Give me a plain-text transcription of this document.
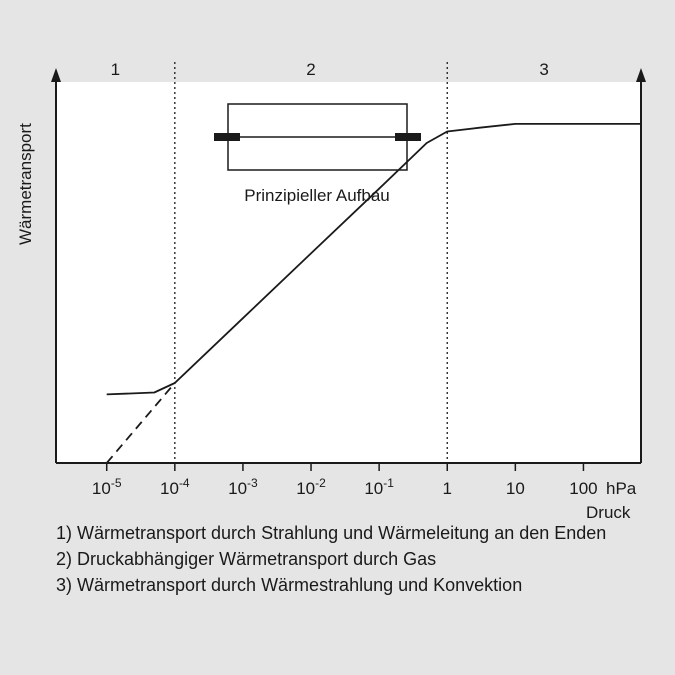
1	2	3
$10^{-5}$ $10^{-4}$ $10^{-3}$ $10^{-2}$ $10^{-1}$	1	10	100 hPa
Druck
Wärmetransport	Prinzipieller Aufbau
1) Wärmetransport durch Strahlung und Wärmeleitung an den Enden
2) Druckabhängiger Wärmetransport durch Gas
3) Wärmetransport durch Wärmestrahlung und Konvektion
